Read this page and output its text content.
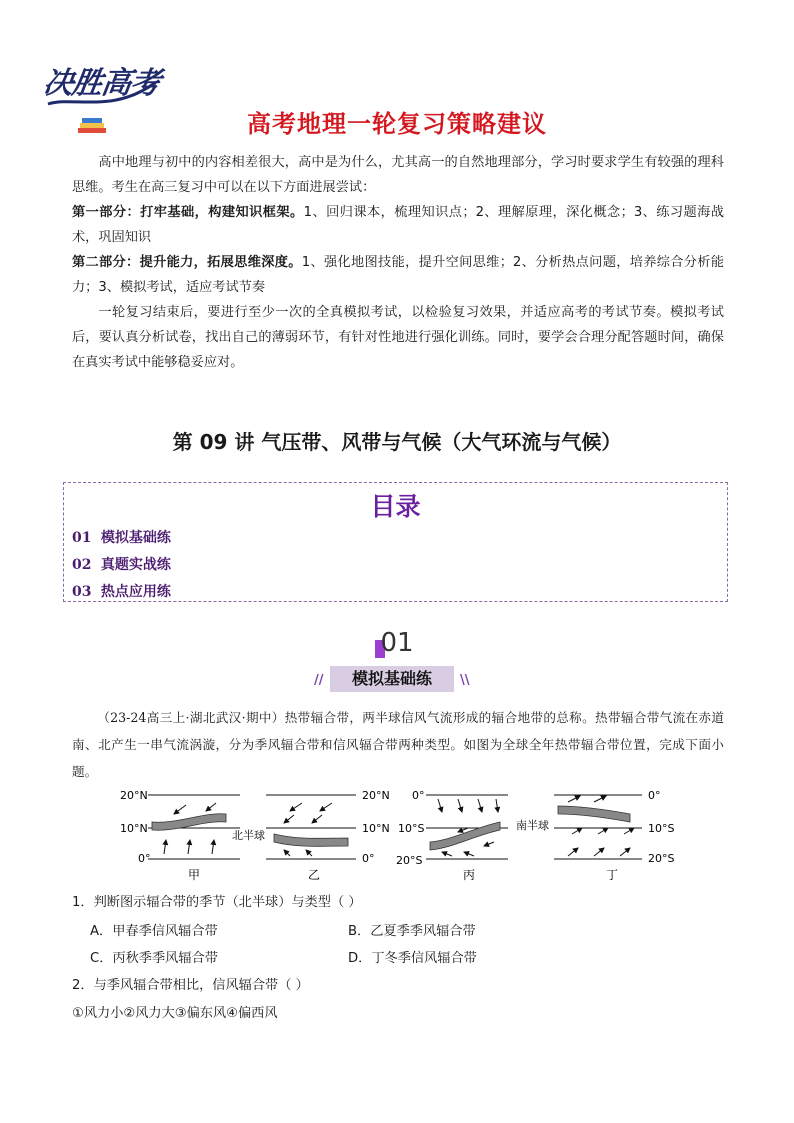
决胜高考
高考地理一轮复习策略建议

高中地理与初中的内容相差很大，高中是为什么，尤其高一的自然地理部分，学习时要求学生有较强的理科思维。考生在高三复习中可以在以下方面进展尝试：

第一部分：打牢基础，构建知识框架。1、回归课本，梳理知识点；2、理解原理，深化概念；3、练习题海战术，巩固知识

第二部分：提升能力，拓展思维深度。1、强化地图技能，提升空间思维；2、分析热点问题，培养综合分析能力；3、模拟考试，适应考试节奏

一轮复习结束后，要进行至少一次的全真模拟考试，以检验复习效果，并适应高考的考试节奏。模拟考试后，要认真分析试卷，找出自己的薄弱环节，有针对性地进行强化训练。同时，要学会合理分配答题时间，确保在真实考试中能够稳妥应对。

第 09 讲 气压带、风带与气候（大气环流与气候）
目录
01 模拟基础练
02 真题实战练
03 热点应用练
01
//	模拟基础练	\\

（23-24高三上·湖北武汉·期中）热带辐合带，两半球信风气流形成的辐合地带的总称。热带辐合带气流在赤道南、北产生一串气流涡漩，分为季风辐合带和信风辐合带两种类型。如图为全球全年热带辐合带位置，完成下面小题。

20°N
10°N
0°
甲
北半球
20°N
10°N
0°
乙
0°
10°S
20°S
丙
南半球
0°
10°S
20°S
丁
1．判断图示辐合带的季节（北半球）与类型（ ）
A．甲春季信风辐合带	B．乙夏季季风辐合带
C．丙秋季季风辐合带	D．丁冬季信风辐合带
2．与季风辐合带相比，信风辐合带（ ）
①风力小②风力大③偏东风④偏西风
